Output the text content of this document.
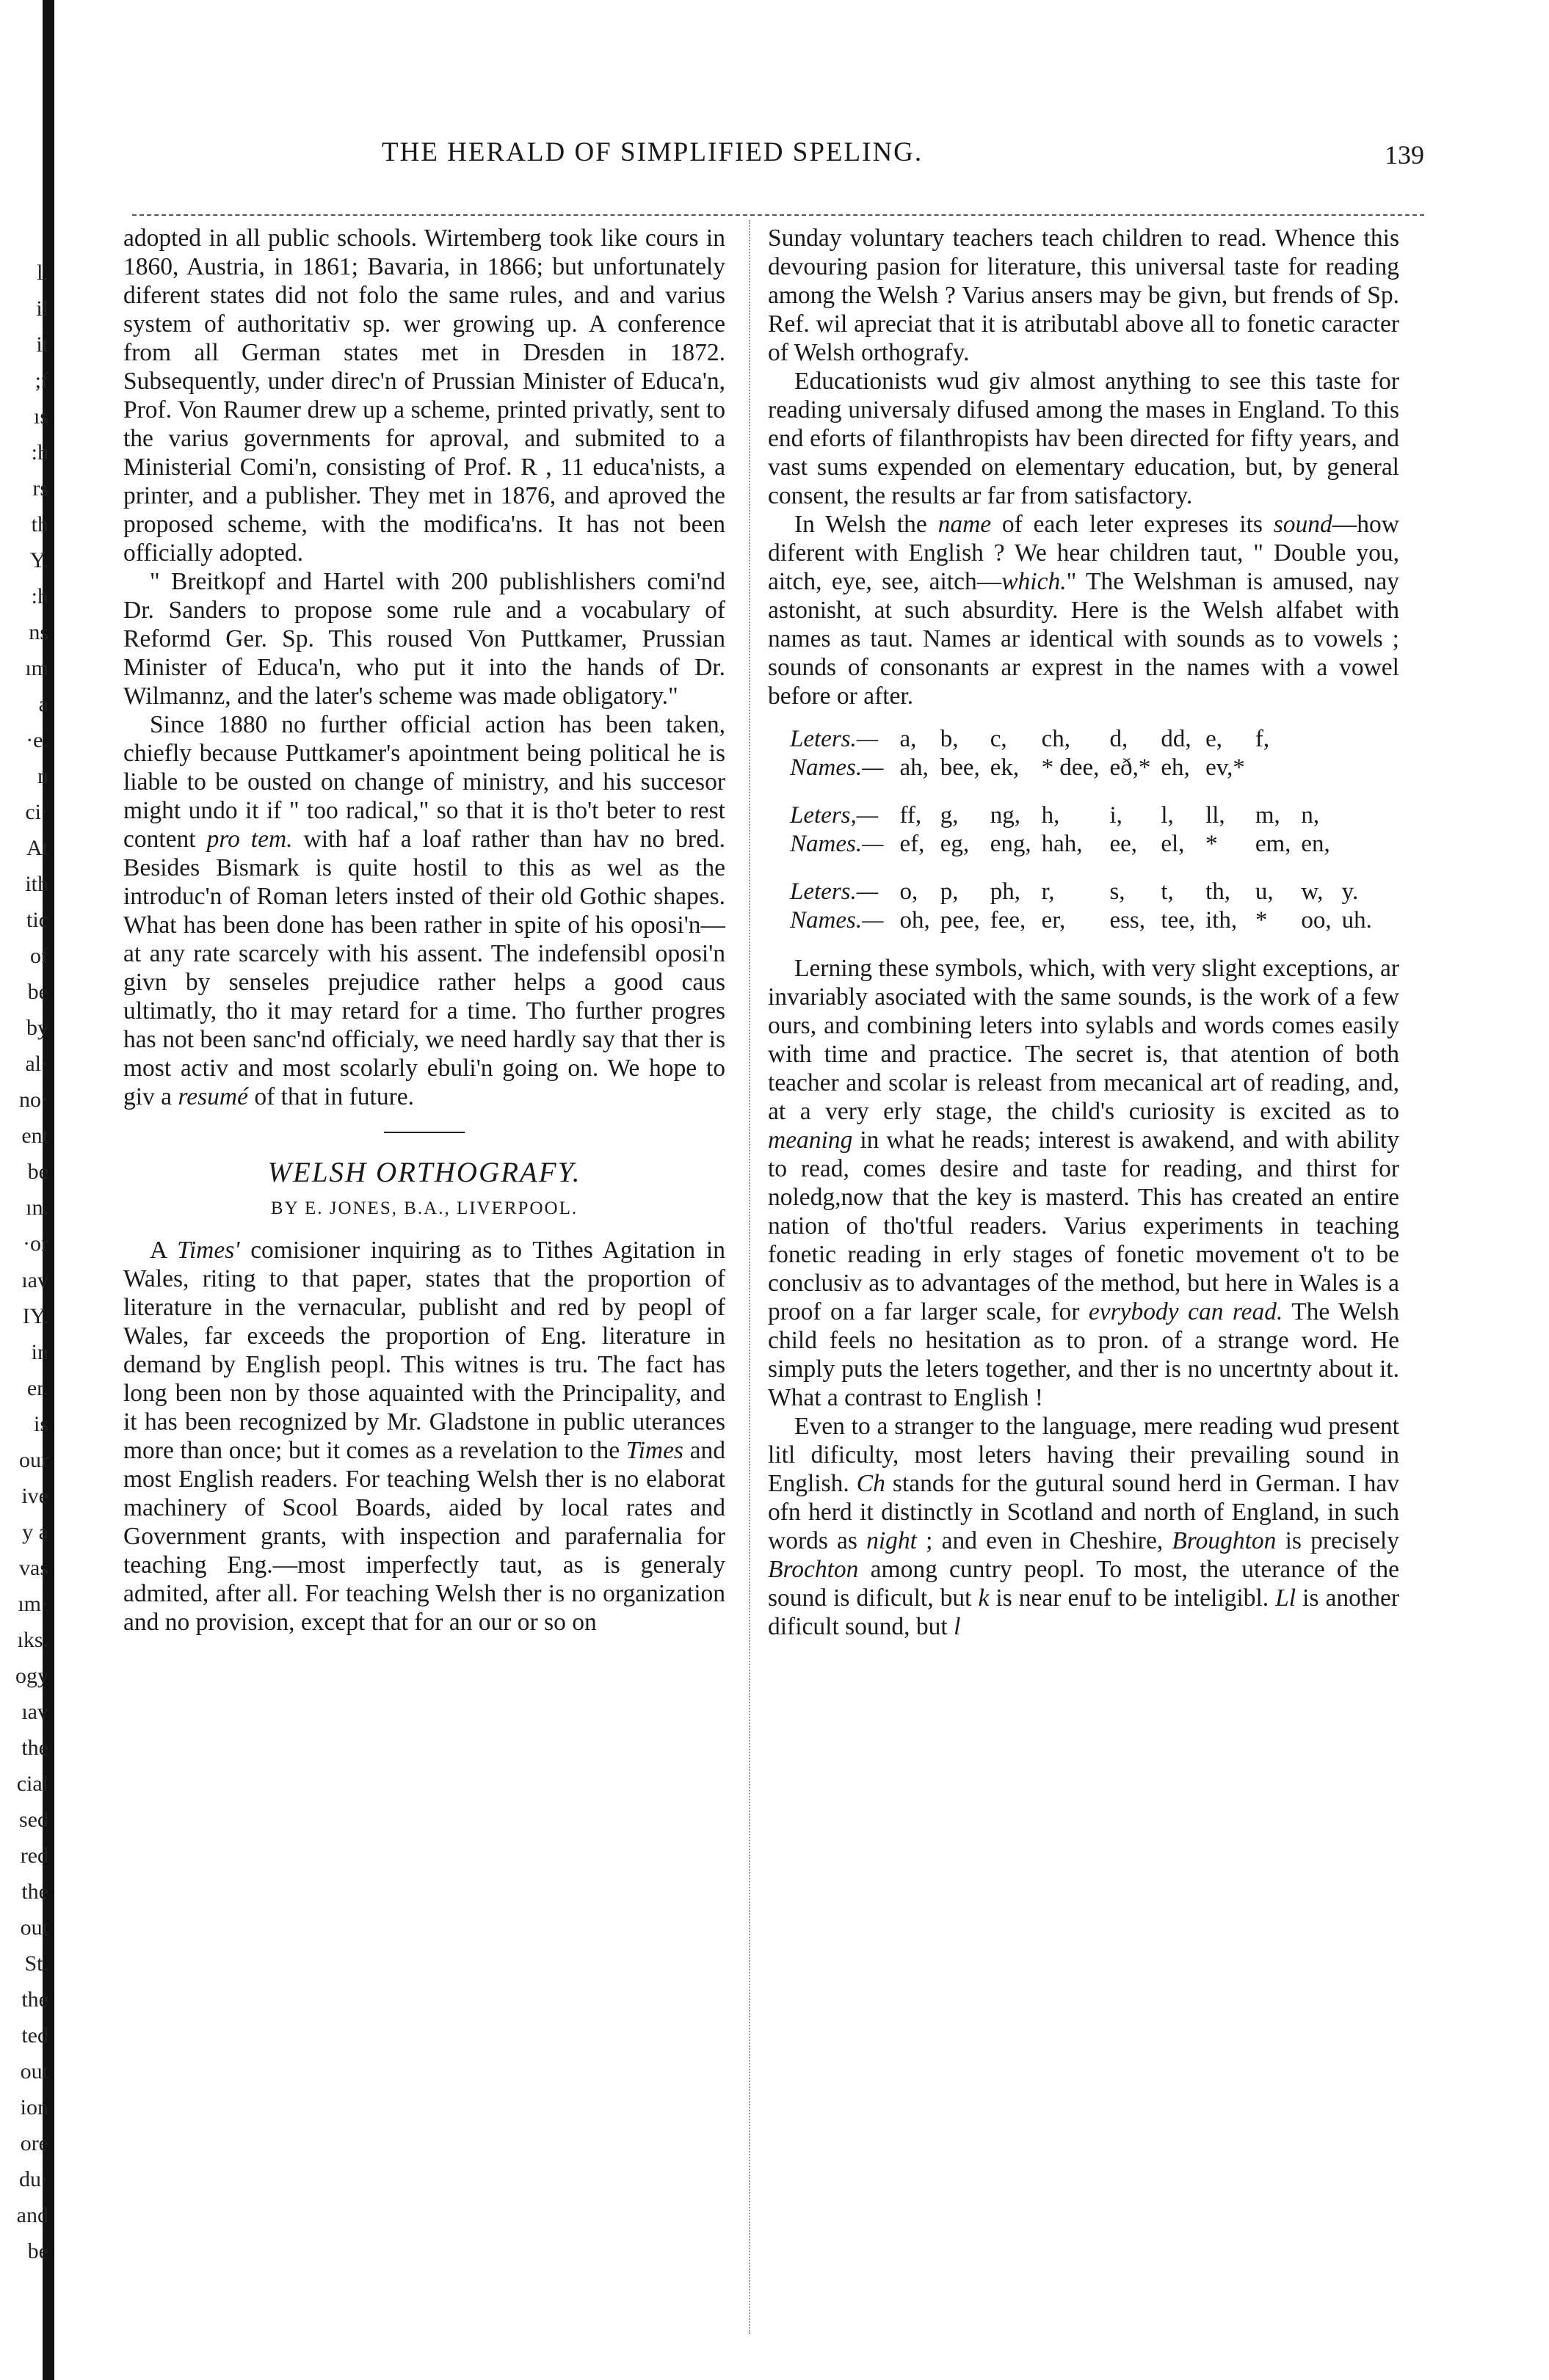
l.
il
it
;f
ıs
:h
rs
th
Y.
:h
ns
ım
a
·e.
n
ci·
At
ith
tic
of
be
by
al·
no·
ent
be
ın.
·or
ıav
IY.
in
er.
is
our
ive
y a
vas
ım·
ıks.
ogy
ıav
the
cial
sed
red
the
out
St.
the
ted
out
ion
ore
du·
and
be
THE HERALD OF SIMPLIFIED SPELING.	139

adopted in all public schools. Wirtemberg took like cours in 1860, Austria, in 1861; Bavaria, in 1866; but unfortunately diferent states did not folo the same rules, and and varius system of authoritativ sp. wer growing up. A conference from all German states met in Dresden in 1872. Subsequently, under direc'n of Prussian Minister of Educa'n, Prof. Von Raumer drew up a scheme, printed privatly, sent to the varius governments for aproval, and submited to a Ministerial Comi'n, consisting of Prof. R , 11 educa'nists, a printer, and a publisher. They met in 1876, and aproved the proposed scheme, with the modifica'ns. It has not been officially adopted.

" Breitkopf and Hartel with 200 publishlishers comi'nd Dr. Sanders to propose some rule and a vocabulary of Reformd Ger. Sp. This roused Von Puttkamer, Prussian Minister of Educa'n, who put it into the hands of Dr. Wilmannz, and the later's scheme was made obligatory."

Since 1880 no further official action has been taken, chiefly because Puttkamer's apointment being political he is liable to be ousted on change of ministry, and his succesor might undo it if " too radical," so that it is tho't beter to rest content pro tem. with haf a loaf rather than hav no bred. Besides Bismark is quite hostil to this as wel as the introduc'n of Roman leters insted of their old Gothic shapes. What has been done has been rather in spite of his oposi'n—at any rate scarcely with his assent. The indefensibl oposi'n givn by senseles prejudice rather helps a good caus ultimatly, tho it may retard for a time. Tho further progres has not been sanc'nd officialy, we need hardly say that ther is most activ and most scolarly ebuli'n going on. We hope to giv a resumé of that in future.

WELSH ORTHOGRAFY.
BY E. JONES, B.A., LIVERPOOL.

A Times' comisioner inquiring as to Tithes Agitation in Wales, riting to that paper, states that the proportion of literature in the vernacular, publisht and red by peopl of Wales, far exceeds the proportion of Eng. literature in demand by English peopl. This witnes is tru. The fact has long been non by those aquainted with the Principality, and it has been recognized by Mr. Gladstone in public uterances more than once; but it comes as a revelation to the Times and most English readers. For teaching Welsh ther is no elaborat machinery of Scool Boards, aided by local rates and Government grants, with inspection and parafernalia for teaching Eng.—most imperfectly taut, as is generaly admited, after all. For teaching Welsh ther is no organization and no provision, except that for an our or so on

Sunday voluntary teachers teach children to read. Whence this devouring pasion for literature, this universal taste for reading among the Welsh ? Varius ansers may be givn, but frends of Sp. Ref. wil apreciat that it is atributabl above all to fonetic caracter of Welsh orthografy.

Educationists wud giv almost anything to see this taste for reading universaly difused among the mases in England. To this end eforts of filanthropists hav been directed for fifty years, and vast sums expended on elementary education, but, by general consent, the results ar far from satisfactory.

In Welsh the name of each leter expreses its sound—how diferent with English ? We hear children taut, " Double you, aitch, eye, see, aitch—which." The Welshman is amused, nay astonisht, at such absurdity. Here is the Welsh alfabet with names as taut. Names ar identical with sounds as to vowels ; sounds of consonants ar exprest in the names with a vowel before or after.

Leters.—	a,	b,	c,	ch,	d,	dd,	e,	f,		
Names.—	ah,	bee,	ek,	* dee,	eð,*	eh,	ev,*			
Leters,—	ff,	g,	ng,	h,	i,	l,	ll,	m,	n,	
Names.—	ef,	eg,	eng,	hah,	ee,	el,	*	em,	en,	
Leters.—	o,	p,	ph,	r,	s,	t,	th,	u,	w,	y.
Names.—	oh,	pee,	fee,	er,	ess,	tee,	ith,	*	oo,	uh.

Lerning these symbols, which, with very slight exceptions, ar invariably asociated with the same sounds, is the work of a few ours, and combining leters into sylabls and words comes easily with time and practice. The secret is, that atention of both teacher and scolar is releast from mecanical art of reading, and, at a very erly stage, the child's curiosity is excited as to meaning in what he reads; interest is awakend, and with ability to read, comes desire and taste for reading, and thirst for noledg,now that the key is masterd. This has created an entire nation of tho'tful readers. Varius experiments in teaching fonetic reading in erly stages of fonetic movement o't to be conclusiv as to advantages of the method, but here in Wales is a proof on a far larger scale, for evrybody can read. The Welsh child feels no hesitation as to pron. of a strange word. He simply puts the leters together, and ther is no uncertnty about it. What a contrast to English !

Even to a stranger to the language, mere reading wud present litl dificulty, most leters having their prevailing sound in English. Ch stands for the gutural sound herd in German. I hav ofn herd it distinctly in Scotland and north of England, in such words as night ; and even in Cheshire, Broughton is precisely Brochton among cuntry peopl. To most, the uterance of the sound is dificult, but k is near enuf to be inteligibl. Ll is another dificult sound, but l
